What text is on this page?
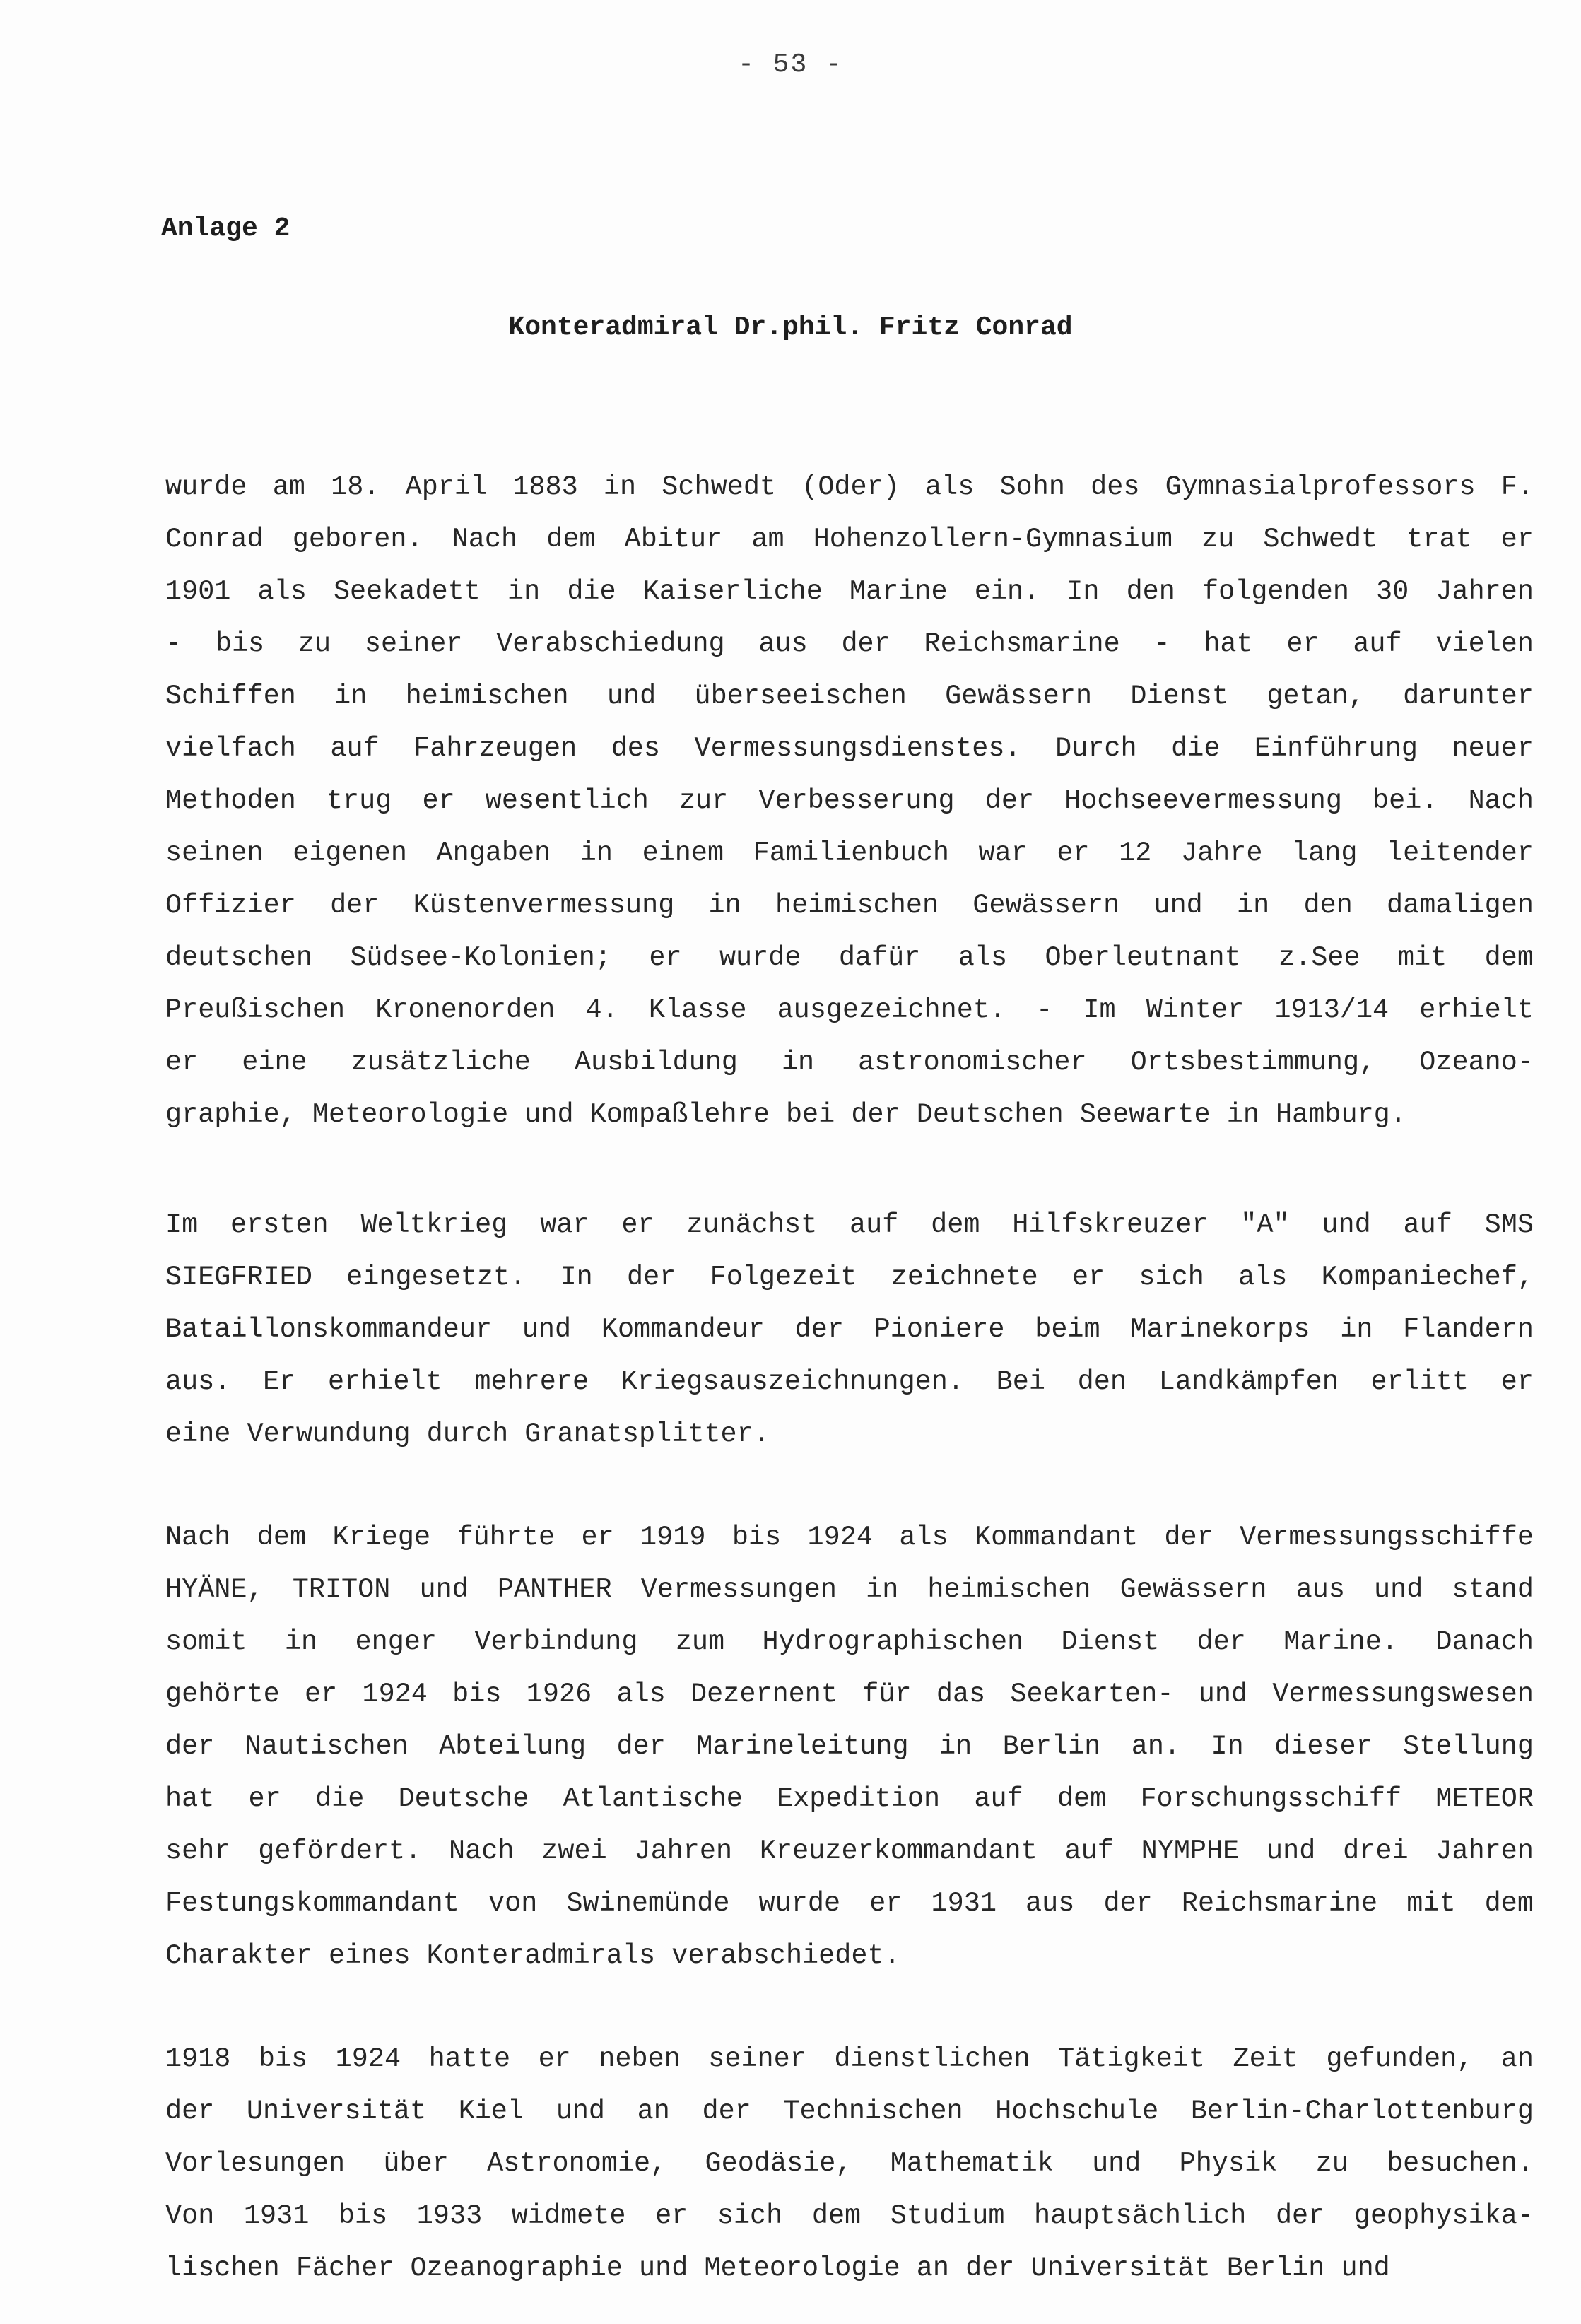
- 53 -
Anlage 2
Konteradmiral Dr.phil. Fritz Conrad
wurde am 18. April 1883 in Schwedt (Oder) als Sohn des Gymnasialprofessors F.
Conrad geboren. Nach dem Abitur am Hohenzollern-Gymnasium zu Schwedt trat er
1901 als Seekadett in die Kaiserliche Marine ein. In den folgenden 30 Jahren
- bis zu seiner Verabschiedung aus der Reichsmarine - hat er auf vielen
Schiffen in heimischen und überseeischen Gewässern Dienst getan, darunter
vielfach auf Fahrzeugen des Vermessungsdienstes. Durch die Einführung neuer
Methoden trug er wesentlich zur Verbesserung der Hochseevermessung bei. Nach
seinen eigenen Angaben in einem Familienbuch war er 12 Jahre lang leitender
Offizier der Küstenvermessung in heimischen Gewässern und in den damaligen
deutschen Südsee-Kolonien; er wurde dafür als Oberleutnant z.See mit dem
Preußischen Kronenorden 4. Klasse ausgezeichnet. - Im Winter 1913/14 erhielt
er eine zusätzliche Ausbildung in astronomischer Ortsbestimmung, Ozeano-
graphie, Meteorologie und Kompaßlehre bei der Deutschen Seewarte in Hamburg.
Im ersten Weltkrieg war er zunächst auf dem Hilfskreuzer "A" und auf SMS
SIEGFRIED eingesetzt. In der Folgezeit zeichnete er sich als Kompaniechef,
Bataillonskommandeur und Kommandeur der Pioniere beim Marinekorps in Flandern
aus. Er erhielt mehrere Kriegsauszeichnungen. Bei den Landkämpfen erlitt er
eine Verwundung durch Granatsplitter.
Nach dem Kriege führte er 1919 bis 1924 als Kommandant der Vermessungsschiffe
HYÄNE, TRITON und PANTHER Vermessungen in heimischen Gewässern aus und stand
somit in enger Verbindung zum Hydrographischen Dienst der Marine. Danach
gehörte er 1924 bis 1926 als Dezernent für das Seekarten- und Vermessungswesen
der Nautischen Abteilung der Marineleitung in Berlin an. In dieser Stellung
hat er die Deutsche Atlantische Expedition auf dem Forschungsschiff METEOR
sehr gefördert. Nach zwei Jahren Kreuzerkommandant auf NYMPHE und drei Jahren
Festungskommandant von Swinemünde wurde er 1931 aus der Reichsmarine mit dem
Charakter eines Konteradmirals verabschiedet.
1918 bis 1924 hatte er neben seiner dienstlichen Tätigkeit Zeit gefunden, an
der Universität Kiel und an der Technischen Hochschule Berlin-Charlottenburg
Vorlesungen über Astronomie, Geodäsie, Mathematik und Physik zu besuchen.
Von 1931 bis 1933 widmete er sich dem Studium hauptsächlich der geophysika-
lischen Fächer Ozeanographie und Meteorologie an der Universität Berlin und
